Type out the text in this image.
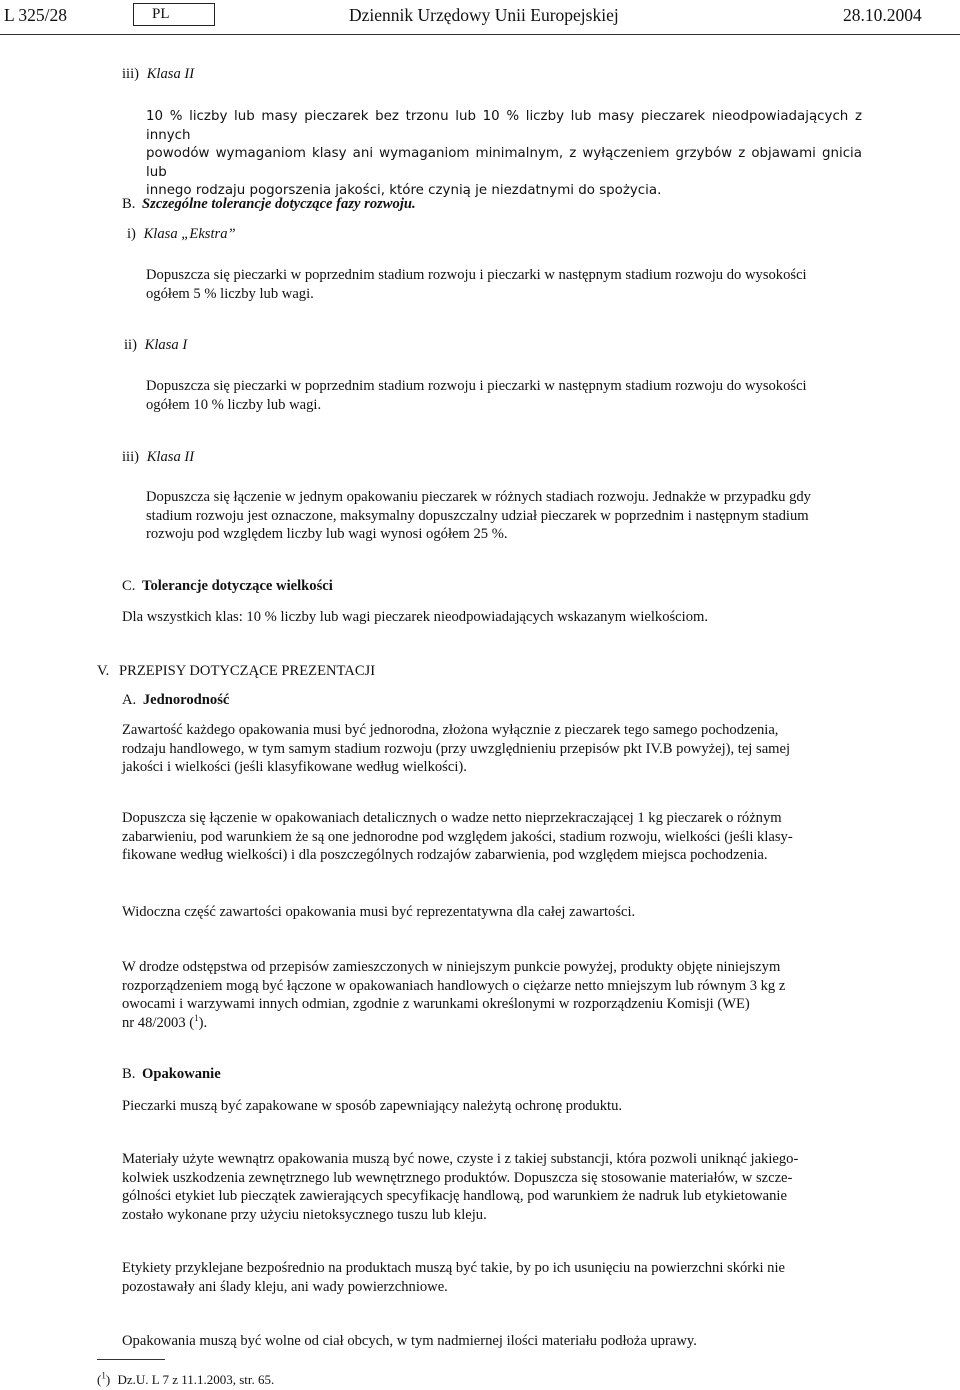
L 325/28	PL	Dziennik Urzędowy Unii Europejskiej	28.10.2004
iii) Klasa II
10 % liczby lub masy pieczarek bez trzonu lub 10 % liczby lub masy pieczarek nieodpowiadających z innych
powodów wymaganiom klasy ani wymaganiom minimalnym, z wyłączeniem grzybów z objawami gnicia lub
innego rodzaju pogorszenia jakości, które czynią je niezdatnymi do spożycia.
B. Szczególne tolerancje dotyczące fazy rozwoju.
i) Klasa „Ekstra”
Dopuszcza się pieczarki w poprzednim stadium rozwoju i pieczarki w następnym stadium rozwoju do wysokości
ogółem 5 % liczby lub wagi.
ii) Klasa I
Dopuszcza się pieczarki w poprzednim stadium rozwoju i pieczarki w następnym stadium rozwoju do wysokości
ogółem 10 % liczby lub wagi.
iii) Klasa II
Dopuszcza się łączenie w jednym opakowaniu pieczarek w różnych stadiach rozwoju. Jednakże w przypadku gdy
stadium rozwoju jest oznaczone, maksymalny dopuszczalny udział pieczarek w poprzednim i następnym stadium
rozwoju pod względem liczby lub wagi wynosi ogółem 25 %.
C. Tolerancje dotyczące wielkości
Dla wszystkich klas: 10 % liczby lub wagi pieczarek nieodpowiadających wskazanym wielkościom.
V. PRZEPISY DOTYCZĄCE PREZENTACJI
A. Jednorodność
Zawartość każdego opakowania musi być jednorodna, złożona wyłącznie z pieczarek tego samego pochodzenia,
rodzaju handlowego, w tym samym stadium rozwoju (przy uwzględnieniu przepisów pkt IV.B powyżej), tej samej
jakości i wielkości (jeśli klasyfikowane według wielkości).
Dopuszcza się łączenie w opakowaniach detalicznych o wadze netto nieprzekraczającej 1 kg pieczarek o różnym
zabarwieniu, pod warunkiem że są one jednorodne pod względem jakości, stadium rozwoju, wielkości (jeśli klasy-
fikowane według wielkości) i dla poszczególnych rodzajów zabarwienia, pod względem miejsca pochodzenia.
Widoczna część zawartości opakowania musi być reprezentatywna dla całej zawartości.
W drodze odstępstwa od przepisów zamieszczonych w niniejszym punkcie powyżej, produkty objęte niniejszym
rozporządzeniem mogą być łączone w opakowaniach handlowych o ciężarze netto mniejszym lub równym 3 kg z
owocami i warzywami innych odmian, zgodnie z warunkami określonymi w rozporządzeniu Komisji (WE)
nr 48/2003 ($^1$).
B. Opakowanie
Pieczarki muszą być zapakowane w sposób zapewniający należytą ochronę produktu.
Materiały użyte wewnątrz opakowania muszą być nowe, czyste i z takiej substancji, która pozwoli uniknąć jakiego-
kolwiek uszkodzenia zewnętrznego lub wewnętrznego produktów. Dopuszcza się stosowanie materiałów, w szcze-
gólności etykiet lub pieczątek zawierających specyfikację handlową, pod warunkiem że nadruk lub etykietowanie
zostało wykonane przy użyciu nietoksycznego tuszu lub kleju.
Etykiety przyklejane bezpośrednio na produktach muszą być takie, by po ich usunięciu na powierzchni skórki nie
pozostawały ani ślady kleju, ani wady powierzchniowe.
Opakowania muszą być wolne od ciał obcych, w tym nadmiernej ilości materiału podłoża uprawy.
($^1$) Dz.U. L 7 z 11.1.2003, str. 65.
